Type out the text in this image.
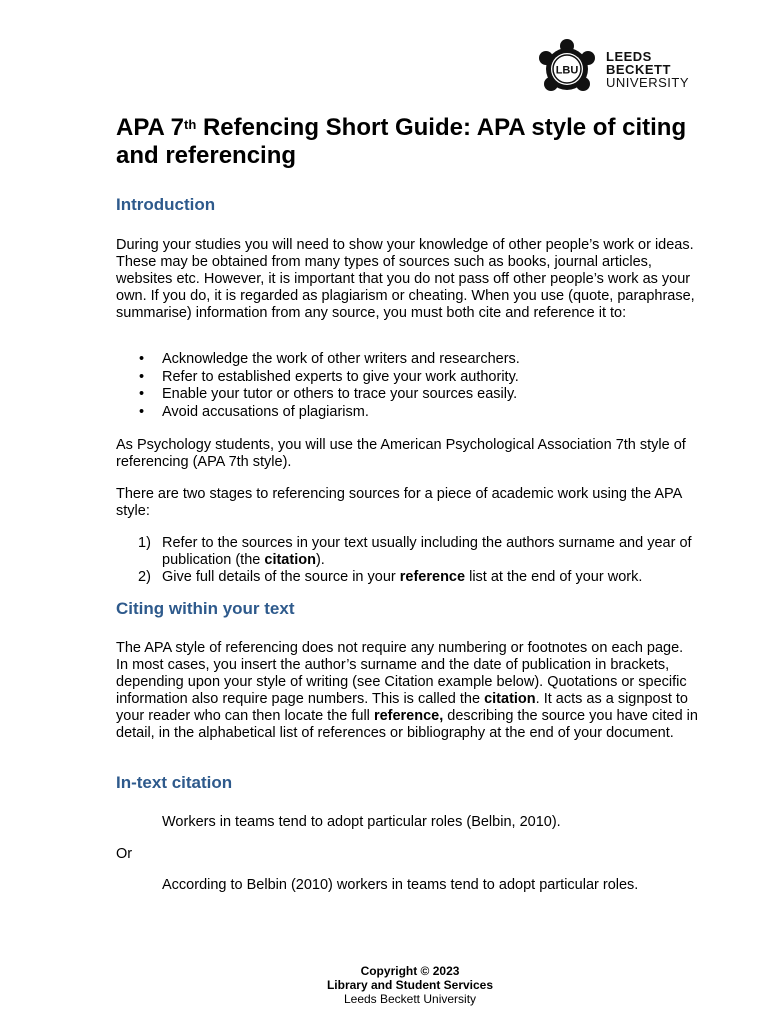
LBU
LEEDS
BECKETT
UNIVERSITY
APA 7th Refencing Short Guide: APA style of citing and referencing
Introduction

During your studies you will need to show your knowledge of other people’s work or ideas. These may be obtained from many types of sources such as books, journal articles, websites etc. However, it is important that you do not pass off other people’s work as your own. If you do, it is regarded as plagiarism or cheating. When you use (quote, paraphrase, summarise) information from any source, you must both cite and reference it to:

• Acknowledge the work of other writers and researchers.
• Refer to established experts to give your work authority.
• Enable your tutor or others to trace your sources easily.
• Avoid accusations of plagiarism.

As Psychology students, you will use the American Psychological Association 7th style of referencing (APA 7th style).

There are two stages to referencing sources for a piece of academic work using the APA style:

1) Refer to the sources in your text usually including the authors surname and year of publication (the citation).
2) Give full details of the source in your reference list at the end of your work.
Citing within your text

The APA style of referencing does not require any numbering or footnotes on each page. In most cases, you insert the author’s surname and the date of publication in brackets, depending upon your style of writing (see Citation example below). Quotations or specific information also require page numbers. This is called the citation. It acts as a signpost to your reader who can then locate the full reference, describing the source you have cited in detail, in the alphabetical list of references or bibliography at the end of your document.

In-text citation

Workers in teams tend to adopt particular roles (Belbin, 2010).

Or

According to Belbin (2010) workers in teams tend to adopt particular roles.

Copyright © 2023
Library and Student Services
Leeds Beckett University
